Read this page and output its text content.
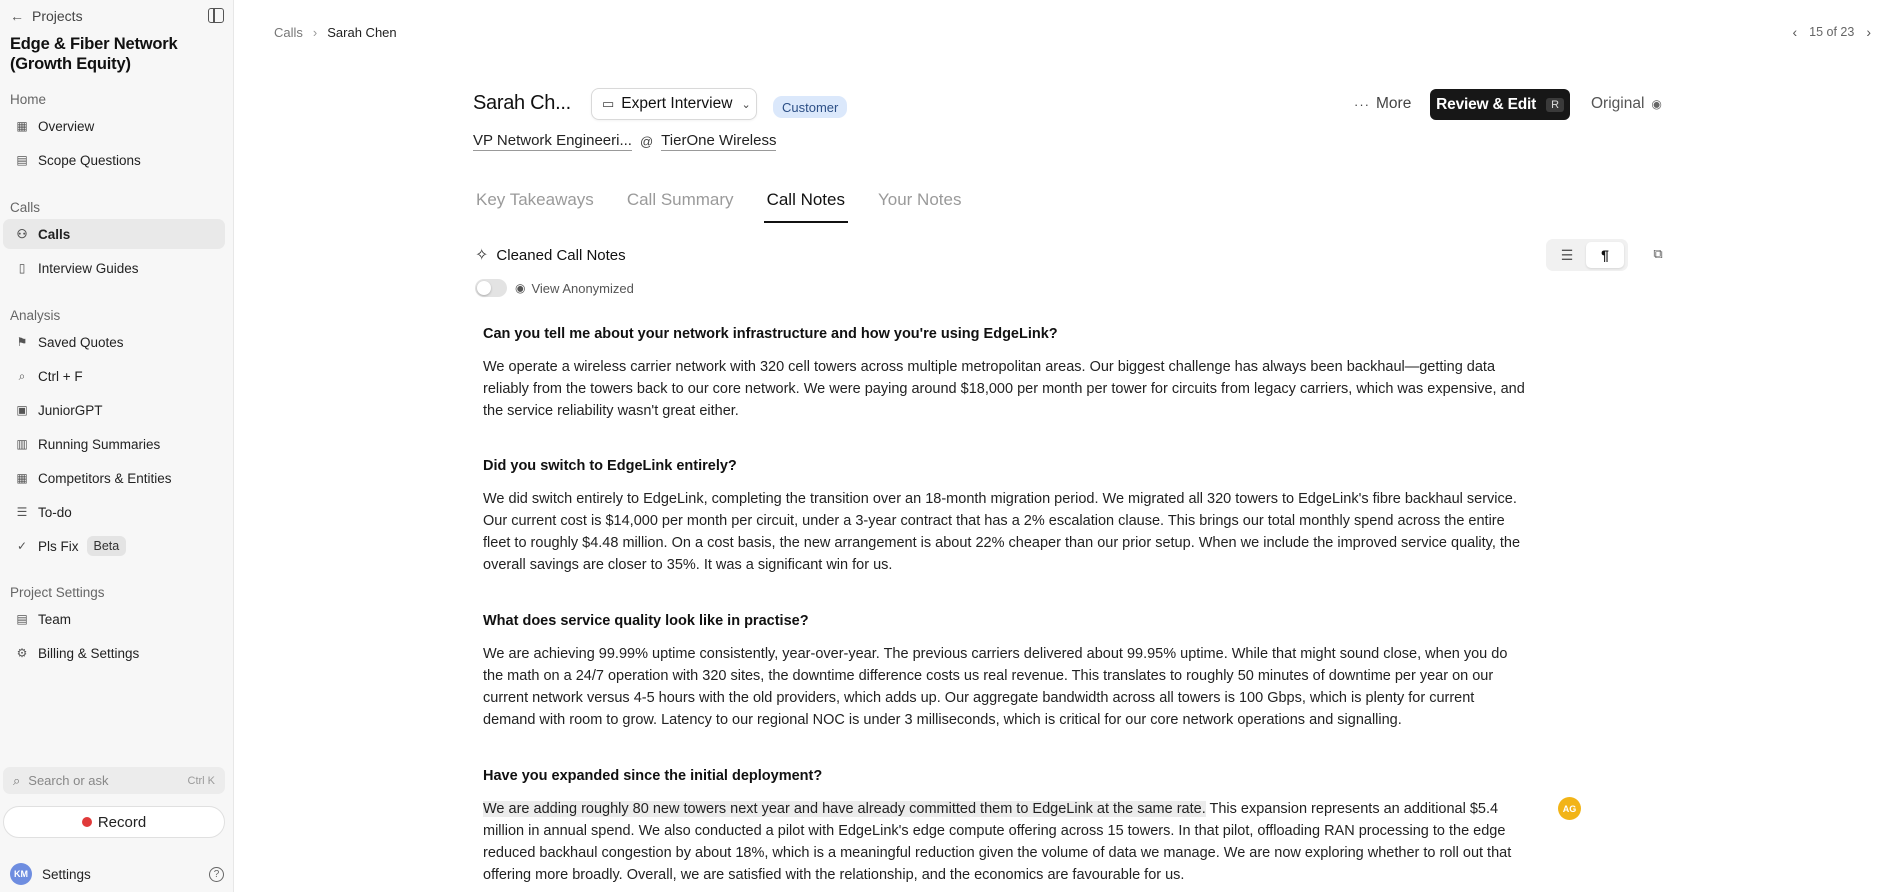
← Projects
Edge & Fiber Network (Growth Equity)
Home
▦ Overview
▤ Scope Questions
Calls
⚇ Calls
▯ Interview Guides
Analysis
⚑ Saved Quotes
⌕ Ctrl + F
▣ JuniorGPT
▥ Running Summaries
▦ Competitors & Entities
☰ To-do
✓ Pls Fix	Beta
Project Settings
▤ Team
⚙ Billing & Settings
⌕ Search or ask	Ctrl K
Record
KM Settings	?
Calls › Sarah Chen	‹ 15 of 23 ›
Sarah Ch... ▭ Expert Interview ⌄	Customer
VP Network Engineeri... @ TierOne Wireless
··· More Review & Edit	R	Original ◉
Key Takeaways Call Summary Call Notes Your Notes
✧ Cleaned Call Notes
◉ View Anonymized
☰	¶	⧉
Can you tell me about your network infrastructure and how you're using EdgeLink?
We operate a wireless carrier network with 320 cell towers across multiple metropolitan areas. Our biggest challenge has always been backhaul—getting data reliably from the towers back to our core network. We were paying around $18,000 per month per tower for circuits from legacy carriers, which was expensive, and the service reliability wasn't great either.
Did you switch to EdgeLink entirely?
We did switch entirely to EdgeLink, completing the transition over an 18-month migration period. We migrated all 320 towers to EdgeLink's fibre backhaul service. Our current cost is $14,000 per month per circuit, under a 3-year contract that has a 2% escalation clause. This brings our total monthly spend across the entire fleet to roughly $4.48 million. On a cost basis, the new arrangement is about 22% cheaper than our prior setup. When we include the improved service quality, the overall savings are closer to 35%. It was a significant win for us.
What does service quality look like in practise?
We are achieving 99.99% uptime consistently, year-over-year. The previous carriers delivered about 99.95% uptime. While that might sound close, when you do the math on a 24/7 operation with 320 sites, the downtime difference costs us real revenue. This translates to roughly 50 minutes of downtime per year on our current network versus 4-5 hours with the old providers, which adds up. Our aggregate bandwidth across all towers is 100 Gbps, which is plenty for current demand with room to grow. Latency to our regional NOC is under 3 milliseconds, which is critical for our core network operations and signalling.
Have you expanded since the initial deployment?
We are adding roughly 80 new towers next year and have already committed them to EdgeLink at the same rate. This expansion represents an additional $5.4 million in annual spend. We also conducted a pilot with EdgeLink's edge compute offering across 15 towers. In that pilot, offloading RAN processing to the edge reduced backhaul congestion by about 18%, which is a meaningful reduction given the volume of data we manage. We are now exploring whether to roll out that offering more broadly. Overall, we are satisfied with the relationship, and the economics are favourable for us.
AG
